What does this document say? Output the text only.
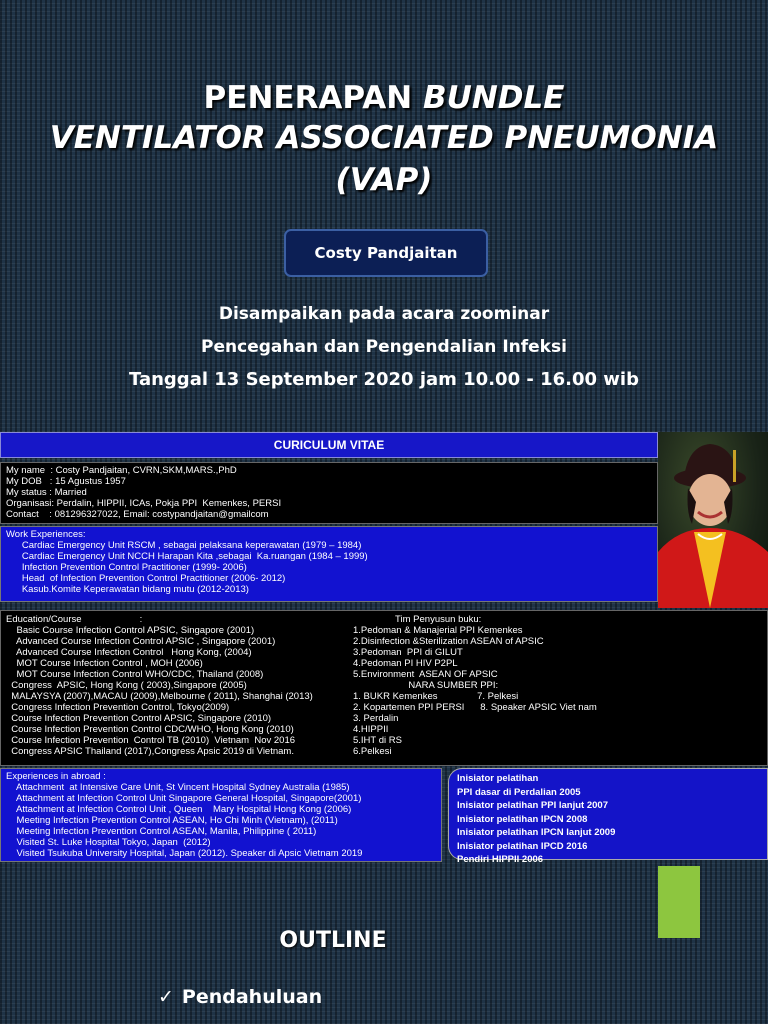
PENERAPAN BUNDLE
VENTILATOR ASSOCIATED PNEUMONIA
(VAP)
Costy Pandjaitan
Disampaikan pada acara zoominar
Pencegahan dan Pengendalian Infeksi
Tanggal 13 September 2020 jam 10.00 - 16.00 wib
CURICULUM VITAE
My name  : Costy Pandjaitan, CVRN,SKM,MARS.,PhD
My DOB   : 15 Agustus 1957
My status : Married
Organisasi: Perdalin, HIPPII, ICAs, Pokja PPI  Kemenkes, PERSI
Contact    : 081296327022, Email: costypandjaitan@gmailcom
Work Experiences:
Cardiac Emergency Unit RSCM , sebagai pelaksana keperawatan (1979 – 1984)
Cardiac Emergency Unit NCCH Harapan Kita ,sebagai  Ka.ruangan (1984 – 1999)
Infection Prevention Control Practitioner (1999- 2006)
Head  of Infection Prevention Control Practitioner (2006- 2012)
Kasub.Komite Keperawatan bidang mutu (2012-2013)
Education/Course                      :
Basic Course Infection Control APSIC, Singapore (2001)
Advanced Course Infection Control APSIC , Singapore (2001)
Advanced Course Infection Control   Hong Kong, (2004)
MOT Course Infection Control , MOH (2006)
MOT Course Infection Control WHO/CDC, Thailand (2008)
Congress  APSIC, Hong Kong ( 2003),Singapore (2005)
MALAYSYA (2007),MACAU (2009),Melbourne ( 2011), Shanghai (2013)
Congress Infection Prevention Control, Tokyo(2009)
Course Infection Prevention Control APSIC, Singapore (2010)
Course Infection Prevention Control CDC/WHO, Hong Kong (2010)
Course Infection Prevention  Control TB (2010)  Vietnam  Nov 2016
Congress APSIC Thailand (2017),Congress Apsic 2019 di Vietnam.
Tim Penyusun buku:
1.Pedoman & Manajerial PPI Kemenkes
2.Disinfection &Sterilization ASEAN of APSIC
3.Pedoman  PPI di GILUT
4.Pedoman PI HIV P2PL
5.Environment  ASEAN OF APSIC
NARA SUMBER PPI:
1. BUKR Kemenkes               7. Pelkesi
2. Kopartemen PPI PERSI      8. Speaker APSIC Viet nam
3. Perdalin
4.HIPPII
5.IHT di RS
6.Pelkesi
Experiences in abroad :
Attachment  at Intensive Care Unit, St Vincent Hospital Sydney Australia (1985)
Attachment at Infection Control Unit Singapore General Hospital, Singapore(2001)
Attachment at Infection Control Unit , Queen    Mary Hospital Hong Kong (2006)
Meeting Infection Prevention Control ASEAN, Ho Chi Minh (Vietnam), (2011)
Meeting Infection Prevention Control ASEAN, Manila, Philippine ( 2011)
Visited St. Luke Hospital Tokyo, Japan  (2012)
Visited Tsukuba University Hospital, Japan (2012). Speaker di Apsic Vietnam 2019
Inisiator pelatihan
PPI dasar di Perdalian 2005
Inisiator pelatihan PPI lanjut 2007
Inisiator pelatihan IPCN 2008
Inisiator pelatihan IPCN lanjut 2009
Inisiator pelatihan IPCD 2016
Pendiri HIPPII 2006
OUTLINE
✓ Pendahuluan
